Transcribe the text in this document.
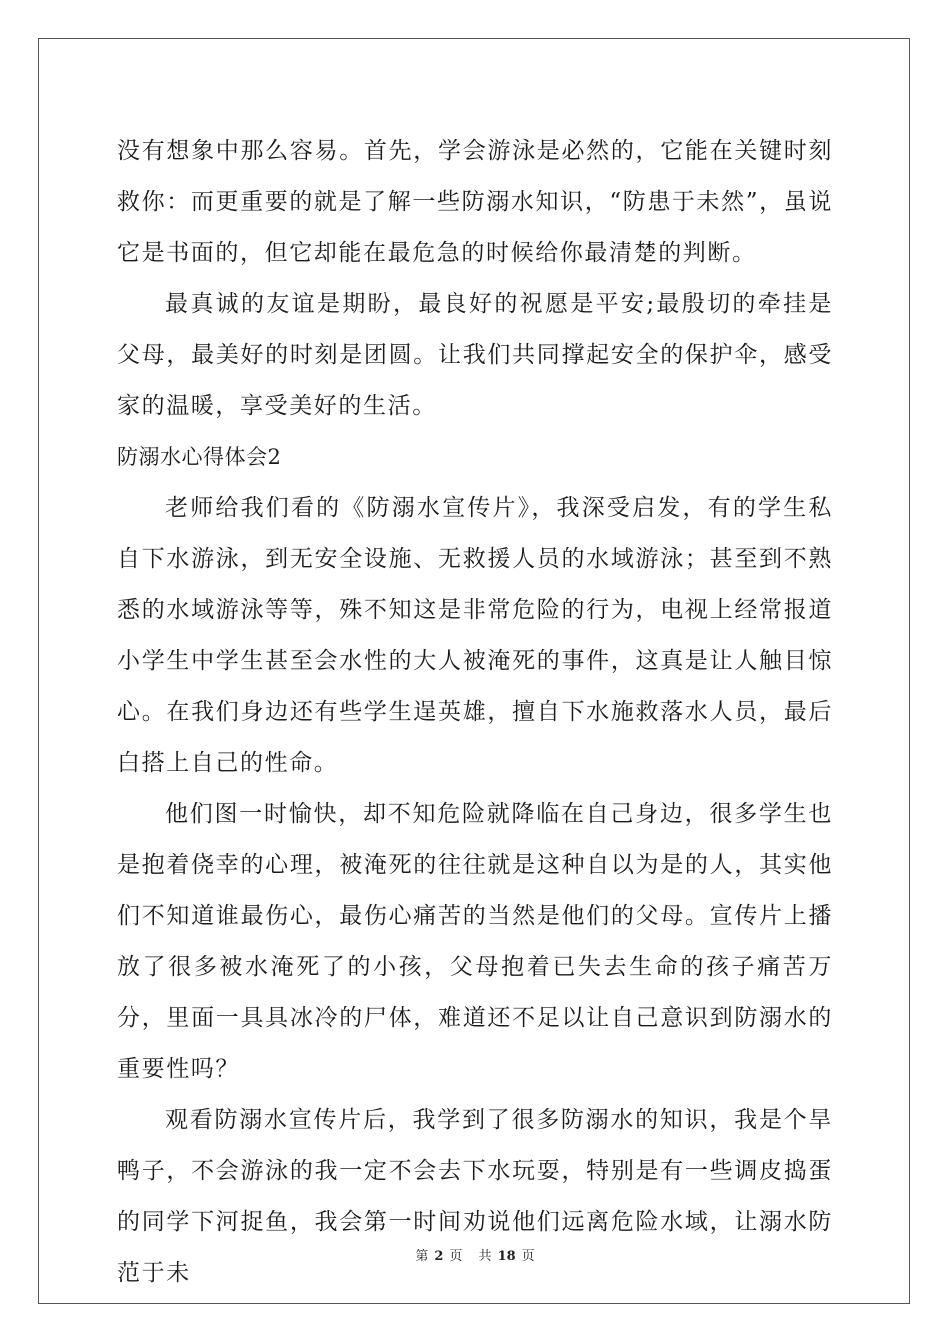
没有想象中那么容易。首先，学会游泳是必然的，它能在关键时刻救你：而更重要的就是了解一些防溺水知识，“防患于未然”，虽说它是书面的，但它却能在最危急的时候给你最清楚的判断。

最真诚的友谊是期盼，最良好的祝愿是平安;最殷切的牵挂是父母，最美好的时刻是团圆。让我们共同撑起安全的保护伞，感受家的温暖，享受美好的生活。

防溺水心得体会2

老师给我们看的《防溺水宣传片》，我深受启发，有的学生私自下水游泳，到无安全设施、无救援人员的水域游泳；甚至到不熟悉的水域游泳等等，殊不知这是非常危险的行为，电视上经常报道小学生中学生甚至会水性的大人被淹死的事件，这真是让人触目惊心。在我们身边还有些学生逞英雄，擅自下水施救落水人员，最后白搭上自己的性命。

他们图一时愉快，却不知危险就降临在自己身边，很多学生也是抱着侥幸的心理，被淹死的往往就是这种自以为是的人，其实他们不知道谁最伤心，最伤心痛苦的当然是他们的父母。宣传片上播放了很多被水淹死了的小孩，父母抱着已失去生命的孩子痛苦万分，里面一具具冰冷的尸体，难道还不足以让自己意识到防溺水的重要性吗？

观看防溺水宣传片后，我学到了很多防溺水的知识，我是个旱鸭子，不会游泳的我一定不会去下水玩耍，特别是有一些调皮捣蛋的同学下河捉鱼，我会第一时间劝说他们远离危险水域，让溺水防范于未

第 2 页 共 18 页
